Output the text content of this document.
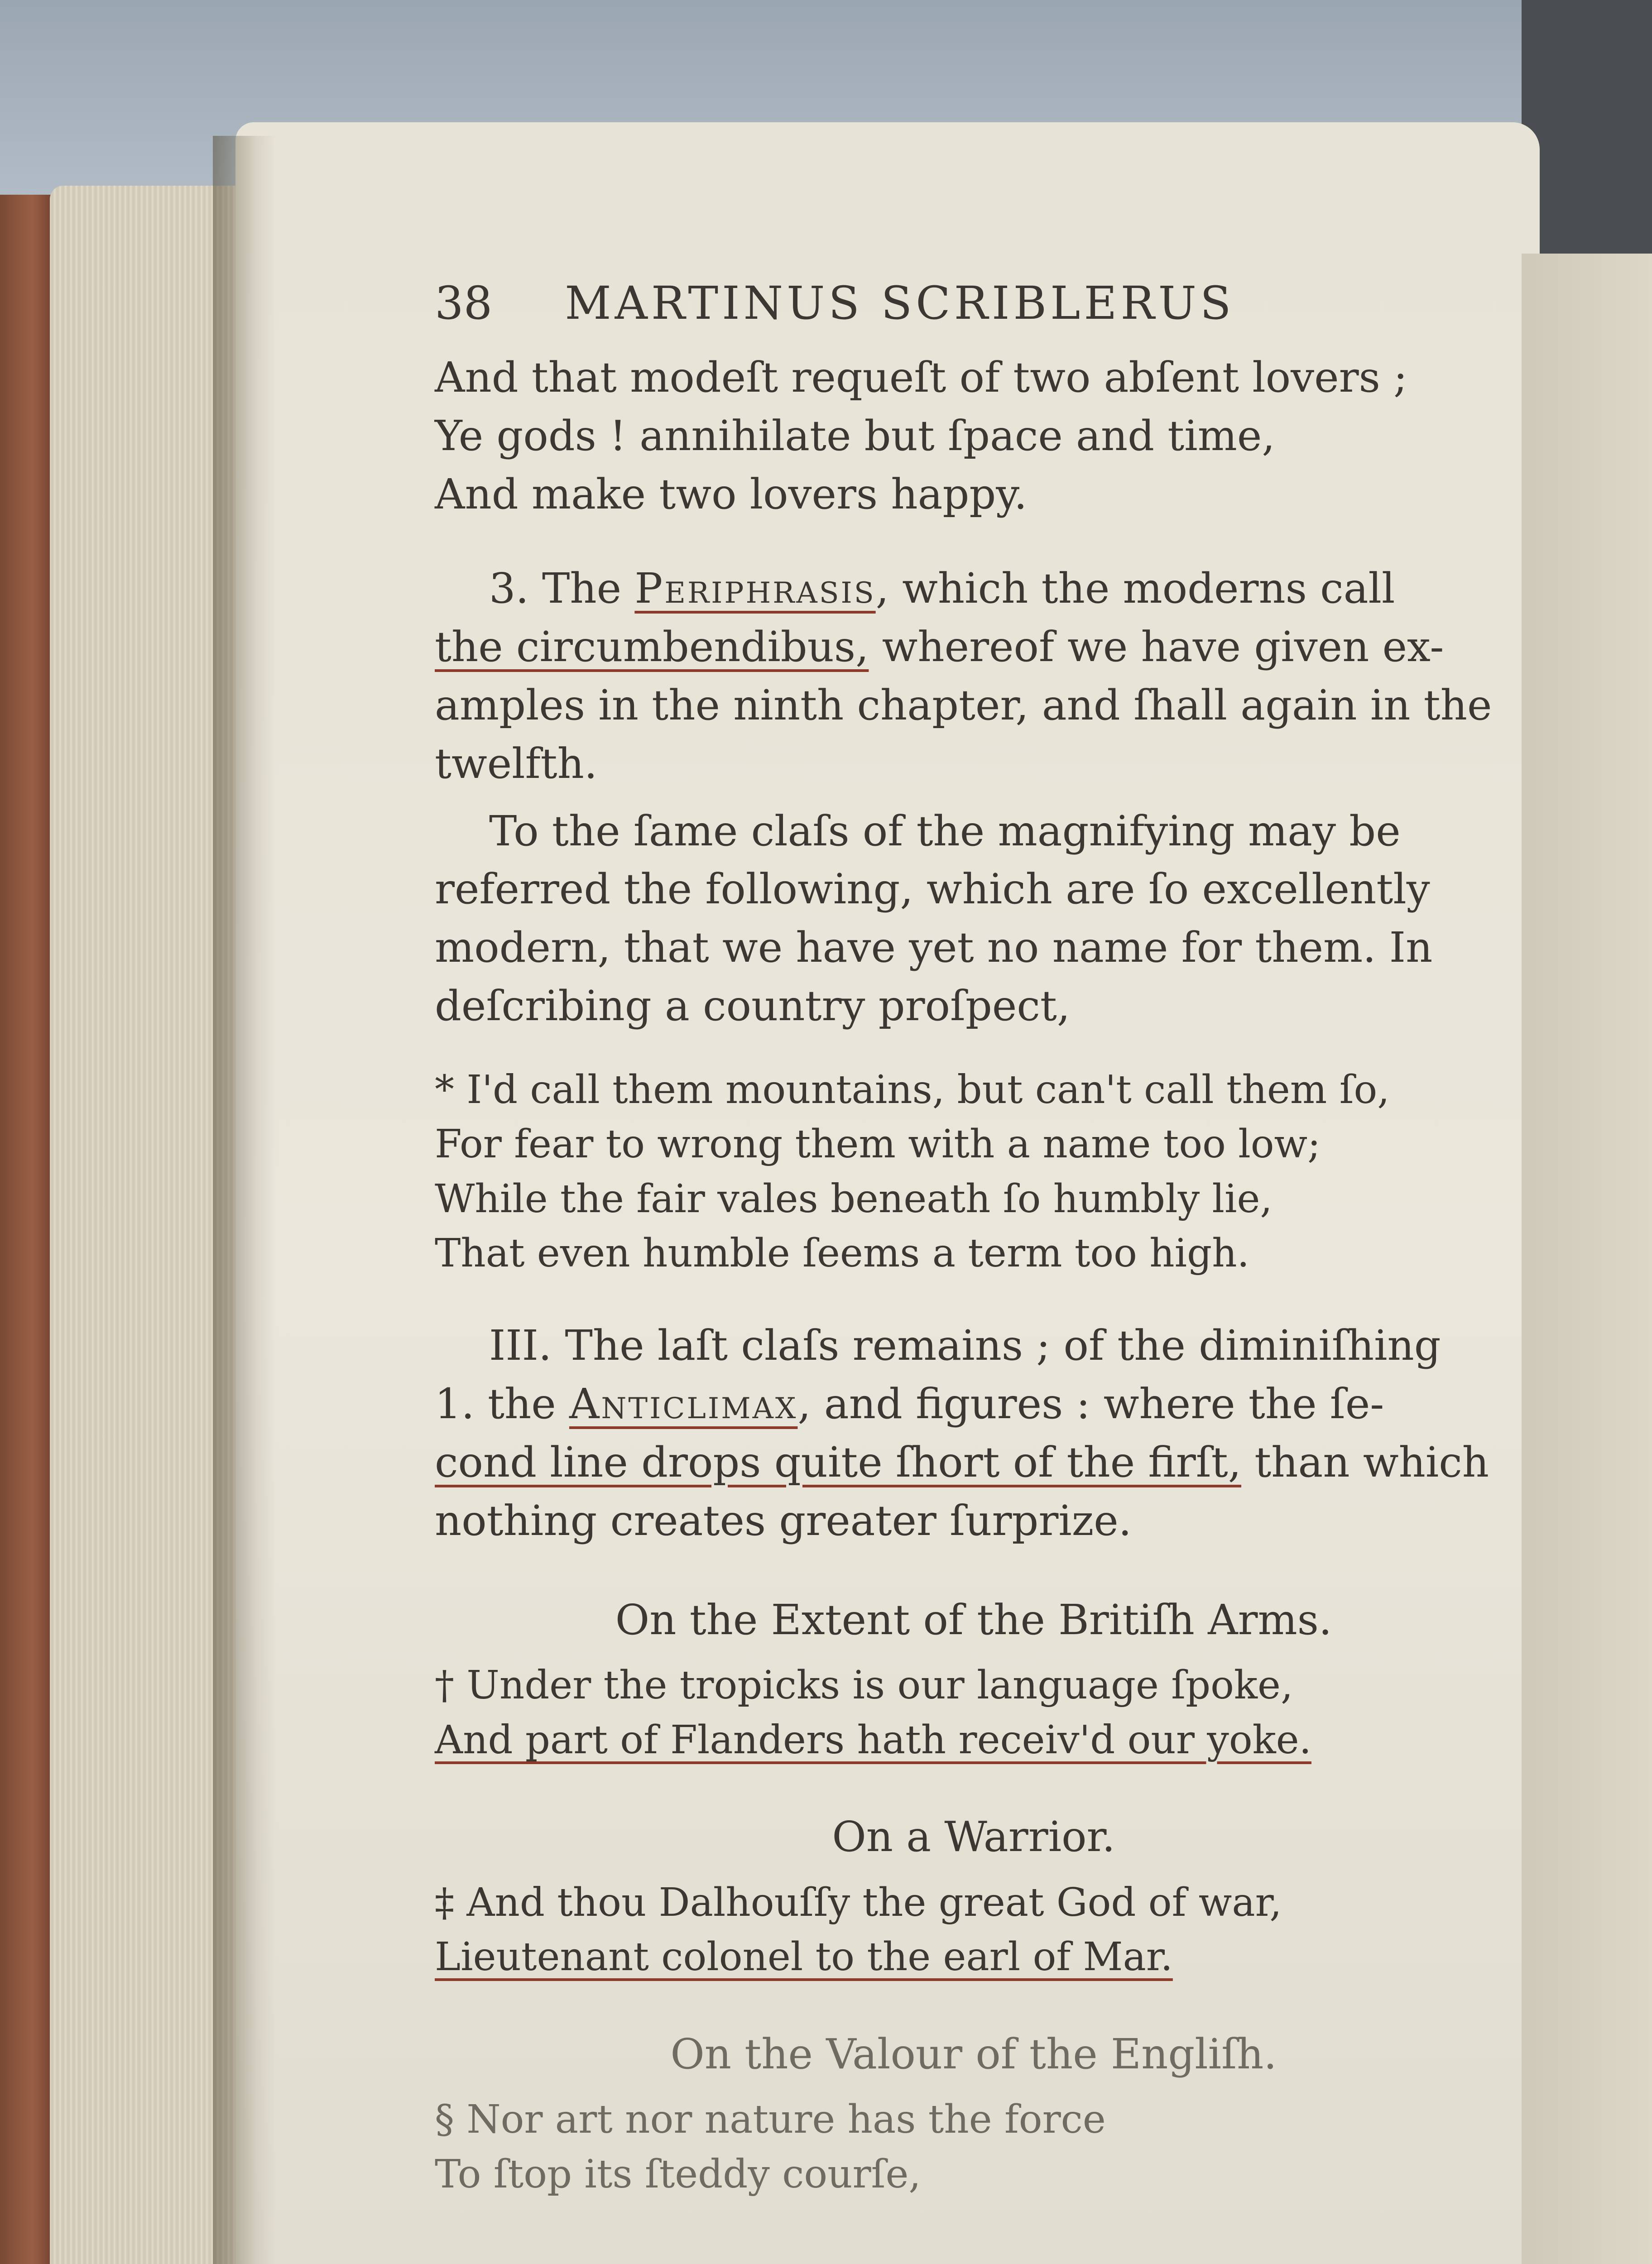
38 MARTINUS SCRIBLERUS
And that modeſt requeſt of two abſent lovers ;
Ye gods ! annihilate but ſpace and time,
And make two lovers happy.
3. The Periphrasis, which the moderns call
the circumbendibus, whereof we have given ex-
amples in the ninth chapter, and ſhall again in the
twelfth.
To the ſame claſs of the magnifying may be
referred the following, which are ſo excellently
modern, that we have yet no name for them. In
deſcribing a country proſpect,
* I'd call them mountains, but can't call them ſo,
For fear to wrong them with a name too low;
While the fair vales beneath ſo humbly lie,
That even humble ſeems a term too high.
III. The laſt claſs remains ; of the diminiſhing
1. the Anticlimax, and figures : where the ſe-
cond line drops quite ſhort of the firſt, than which
nothing creates greater ſurprize.
On the Extent of the Britiſh Arms.
† Under the tropicks is our language ſpoke,
And part of Flanders hath receiv'd our yoke.
On a Warrior.
‡ And thou Dalhouſſy the great God of war,
Lieutenant colonel to the earl of Mar.
On the Valour of the Engliſh.
§ Nor art nor nature has the force
To ſtop its ſteddy courſe,
